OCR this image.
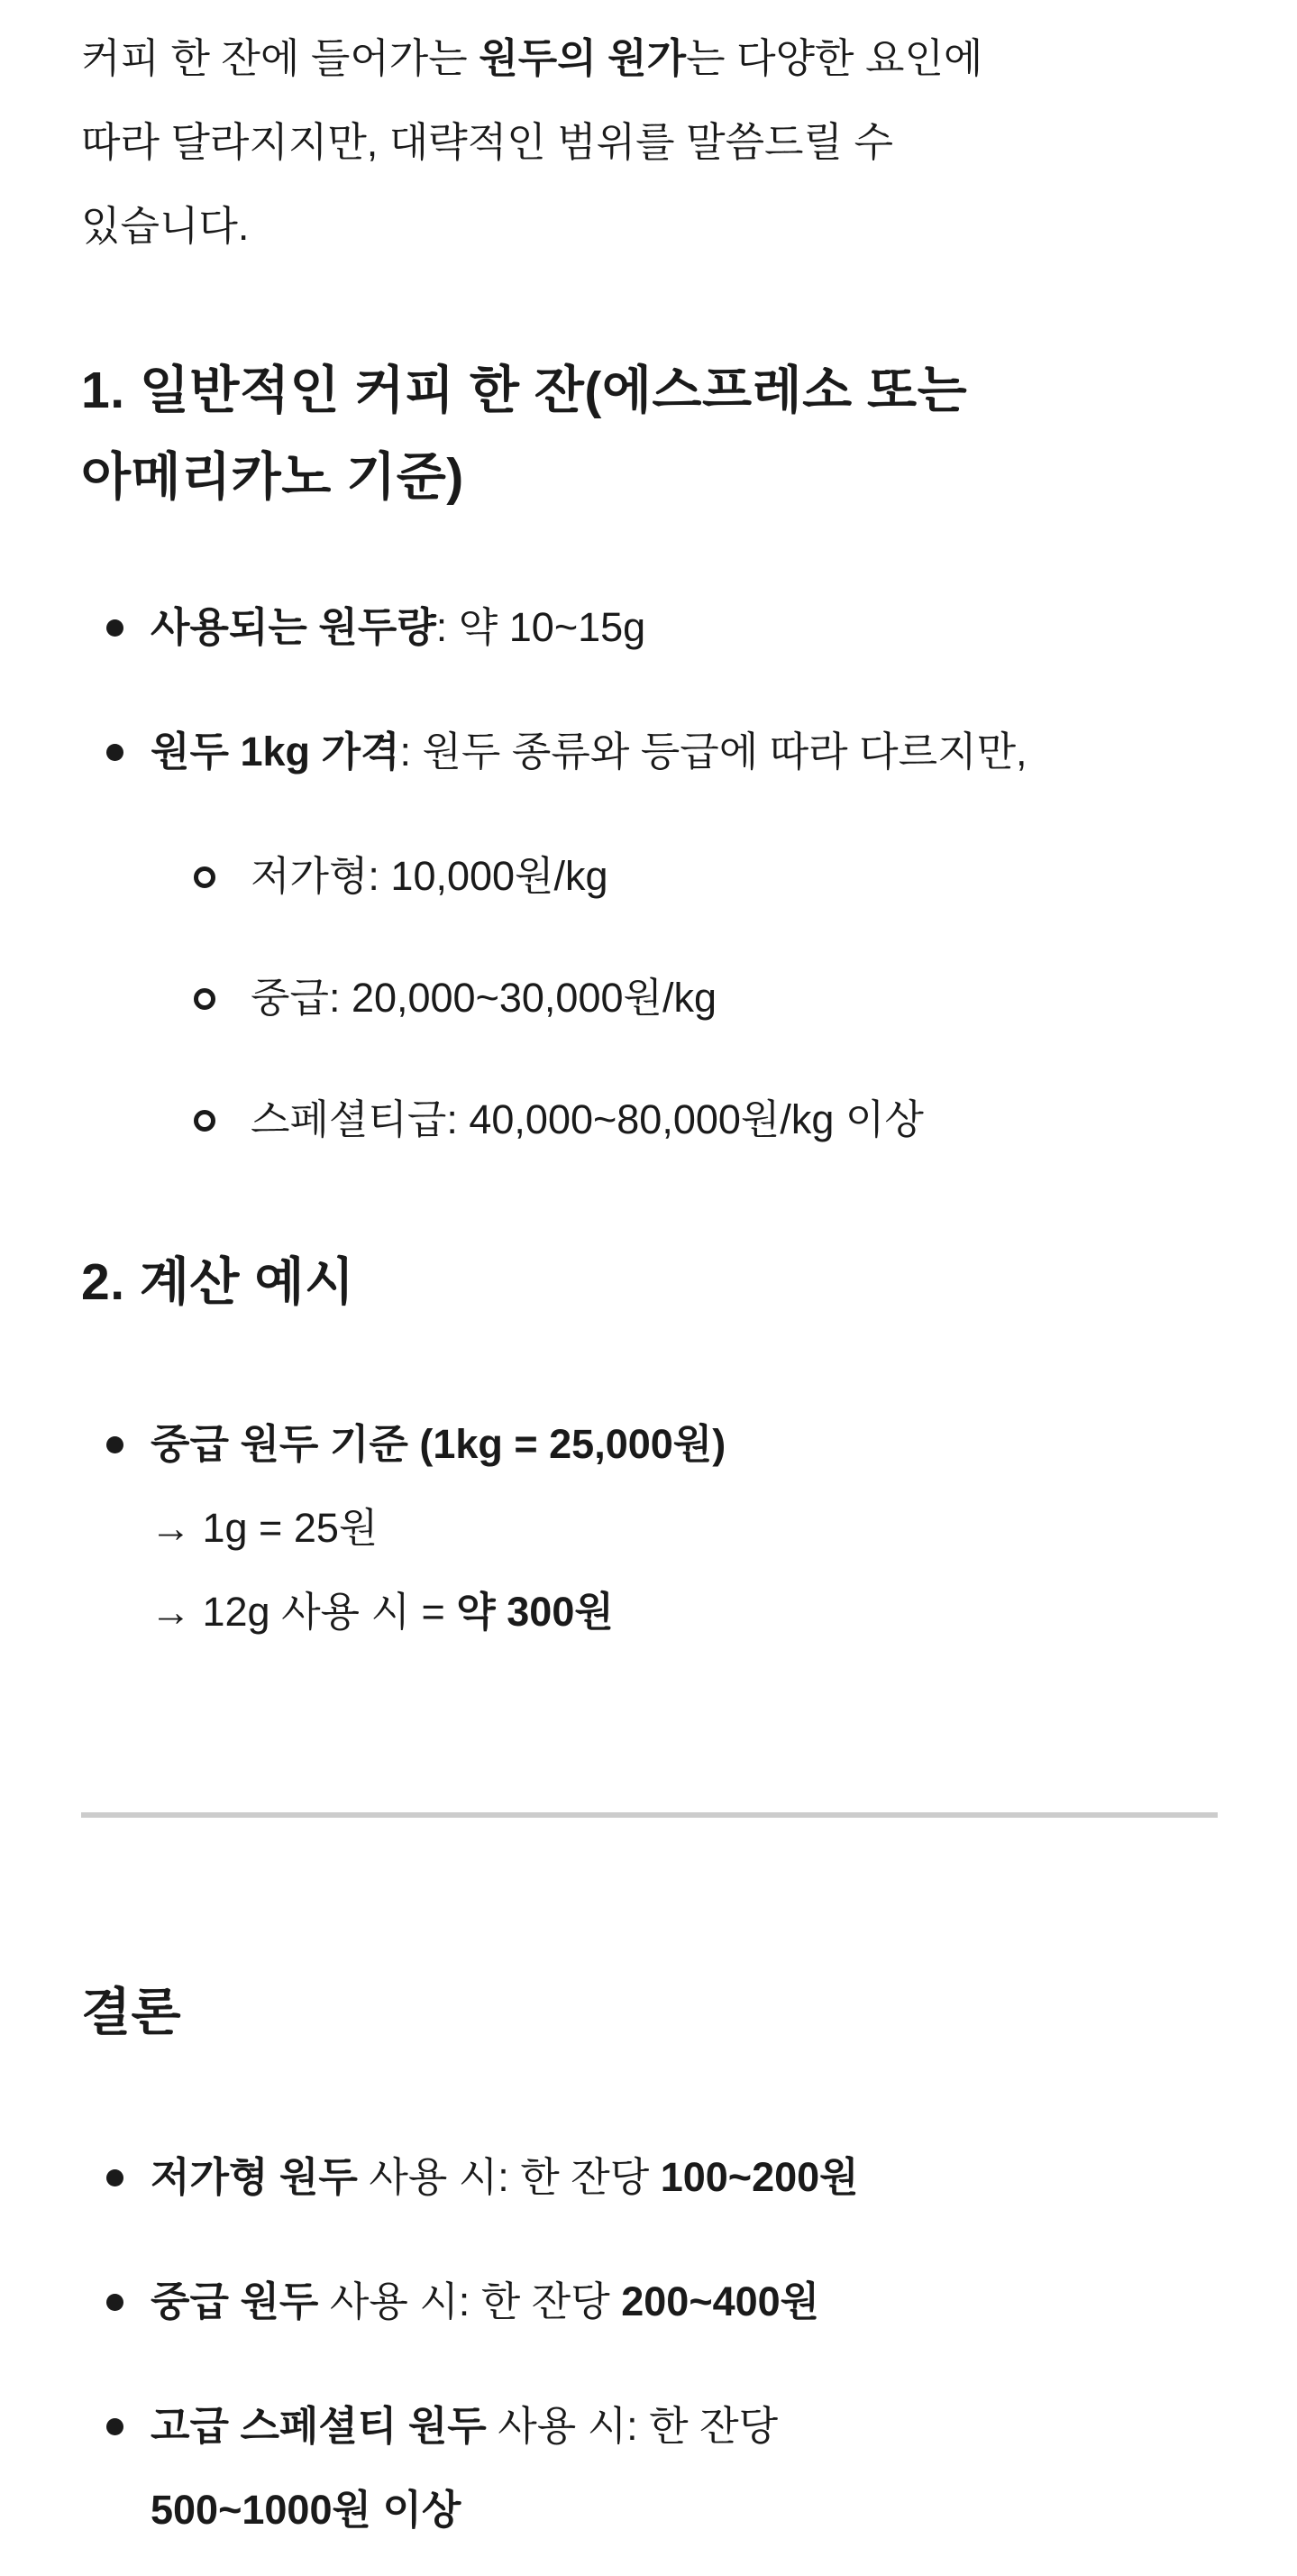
커피 한 잔에 들어가는 원두의 원가는 다양한 요인에
따라 달라지지만, 대략적인 범위를 말씀드릴 수
있습니다.

1. 일반적인 커피 한 잔(에스프레소 또는
아메리카노 기준)
사용되는 원두량: 약 10~15g
원두 1kg 가격: 원두 종류와 등급에 따라 다르지만,
저가형: 10,000원/kg
중급: 20,000~30,000원/kg
스페셜티급: 40,000~80,000원/kg 이상
2. 계산 예시
중급 원두 기준 (1kg = 25,000원)
→ 1g = 25원
→ 12g 사용 시 = 약 300원
결론
저가형 원두 사용 시: 한 잔당 100~200원
중급 원두 사용 시: 한 잔당 200~400원
고급 스페셜티 원두 사용 시: 한 잔당
500~1000원 이상
